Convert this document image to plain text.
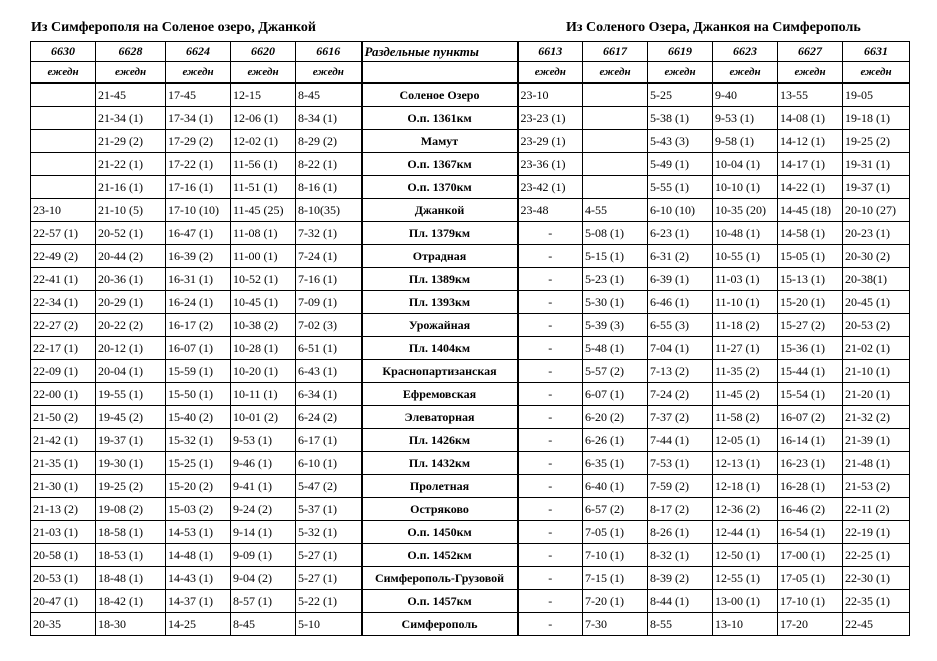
Из Симферополя на Соленое озеро, Джанкой	Из Соленого Озера, Джанкоя на Симферополь
6630	6628	6624	6620	6616	Раздельные пункты	6613	6617	6619	6623	6627	6631
ежедн	ежедн	ежедн	ежедн	ежедн		ежедн	ежедн	ежедн	ежедн	ежедн	ежедн
	21-45	17-45	12-15	8-45	Соленое Озеро	23-10		5-25	9-40	13-55	19-05
	21-34 (1)	17-34 (1)	12-06 (1)	8-34 (1)	О.п. 1361км	23-23 (1)		5-38 (1)	9-53 (1)	14-08 (1)	19-18 (1)
	21-29 (2)	17-29 (2)	12-02 (1)	8-29 (2)	Мамут	23-29 (1)		5-43 (3)	9-58 (1)	14-12 (1)	19-25 (2)
	21-22 (1)	17-22 (1)	11-56 (1)	8-22 (1)	О.п. 1367км	23-36 (1)		5-49 (1)	10-04 (1)	14-17 (1)	19-31 (1)
	21-16 (1)	17-16 (1)	11-51 (1)	8-16 (1)	О.п. 1370км	23-42 (1)		5-55 (1)	10-10 (1)	14-22 (1)	19-37 (1)
23-10	21-10 (5)	17-10 (10)	11-45 (25)	8-10(35)	Джанкой	23-48	4-55	6-10 (10)	10-35 (20)	14-45 (18)	20-10 (27)
22-57 (1)	20-52 (1)	16-47 (1)	11-08 (1)	7-32 (1)	Пл. 1379км	-	5-08 (1)	6-23 (1)	10-48 (1)	14-58 (1)	20-23 (1)
22-49 (2)	20-44 (2)	16-39 (2)	11-00 (1)	7-24 (1)	Отрадная	-	5-15 (1)	6-31 (2)	10-55 (1)	15-05 (1)	20-30 (2)
22-41 (1)	20-36 (1)	16-31 (1)	10-52 (1)	7-16 (1)	Пл. 1389км	-	5-23 (1)	6-39 (1)	11-03 (1)	15-13 (1)	20-38(1)
22-34 (1)	20-29 (1)	16-24 (1)	10-45 (1)	7-09 (1)	Пл. 1393км	-	5-30 (1)	6-46 (1)	11-10 (1)	15-20 (1)	20-45 (1)
22-27 (2)	20-22 (2)	16-17 (2)	10-38 (2)	7-02 (3)	Урожайная	-	5-39 (3)	6-55 (3)	11-18 (2)	15-27 (2)	20-53 (2)
22-17 (1)	20-12 (1)	16-07 (1)	10-28 (1)	6-51 (1)	Пл. 1404км	-	5-48 (1)	7-04 (1)	11-27 (1)	15-36 (1)	21-02 (1)
22-09 (1)	20-04 (1)	15-59 (1)	10-20 (1)	6-43 (1)	Краснопартизанская	-	5-57 (2)	7-13 (2)	11-35 (2)	15-44 (1)	21-10 (1)
22-00 (1)	19-55 (1)	15-50 (1)	10-11 (1)	6-34 (1)	Ефремовская	-	6-07 (1)	7-24 (2)	11-45 (2)	15-54 (1)	21-20 (1)
21-50 (2)	19-45 (2)	15-40 (2)	10-01 (2)	6-24 (2)	Элеваторная	-	6-20 (2)	7-37 (2)	11-58 (2)	16-07 (2)	21-32 (2)
21-42 (1)	19-37 (1)	15-32 (1)	9-53 (1)	6-17 (1)	Пл. 1426км	-	6-26 (1)	7-44 (1)	12-05 (1)	16-14 (1)	21-39 (1)
21-35 (1)	19-30 (1)	15-25 (1)	9-46 (1)	6-10 (1)	Пл. 1432км	-	6-35 (1)	7-53 (1)	12-13 (1)	16-23 (1)	21-48 (1)
21-30 (1)	19-25 (2)	15-20 (2)	9-41 (1)	5-47 (2)	Пролетная	-	6-40 (1)	7-59 (2)	12-18 (1)	16-28 (1)	21-53 (2)
21-13 (2)	19-08 (2)	15-03 (2)	9-24 (2)	5-37 (1)	Остряково	-	6-57 (2)	8-17 (2)	12-36 (2)	16-46 (2)	22-11 (2)
21-03 (1)	18-58 (1)	14-53 (1)	9-14 (1)	5-32 (1)	О.п. 1450км	-	7-05 (1)	8-26 (1)	12-44 (1)	16-54 (1)	22-19 (1)
20-58 (1)	18-53 (1)	14-48 (1)	9-09 (1)	5-27 (1)	О.п. 1452км	-	7-10 (1)	8-32 (1)	12-50 (1)	17-00 (1)	22-25 (1)
20-53 (1)	18-48 (1)	14-43 (1)	9-04 (2)	5-27 (1)	Симферополь-Грузовой	-	7-15 (1)	8-39 (2)	12-55 (1)	17-05 (1)	22-30 (1)
20-47 (1)	18-42 (1)	14-37 (1)	8-57 (1)	5-22 (1)	О.п. 1457км	-	7-20 (1)	8-44 (1)	13-00 (1)	17-10 (1)	22-35 (1)
20-35	18-30	14-25	8-45	5-10	Симферополь	-	7-30	8-55	13-10	17-20	22-45
